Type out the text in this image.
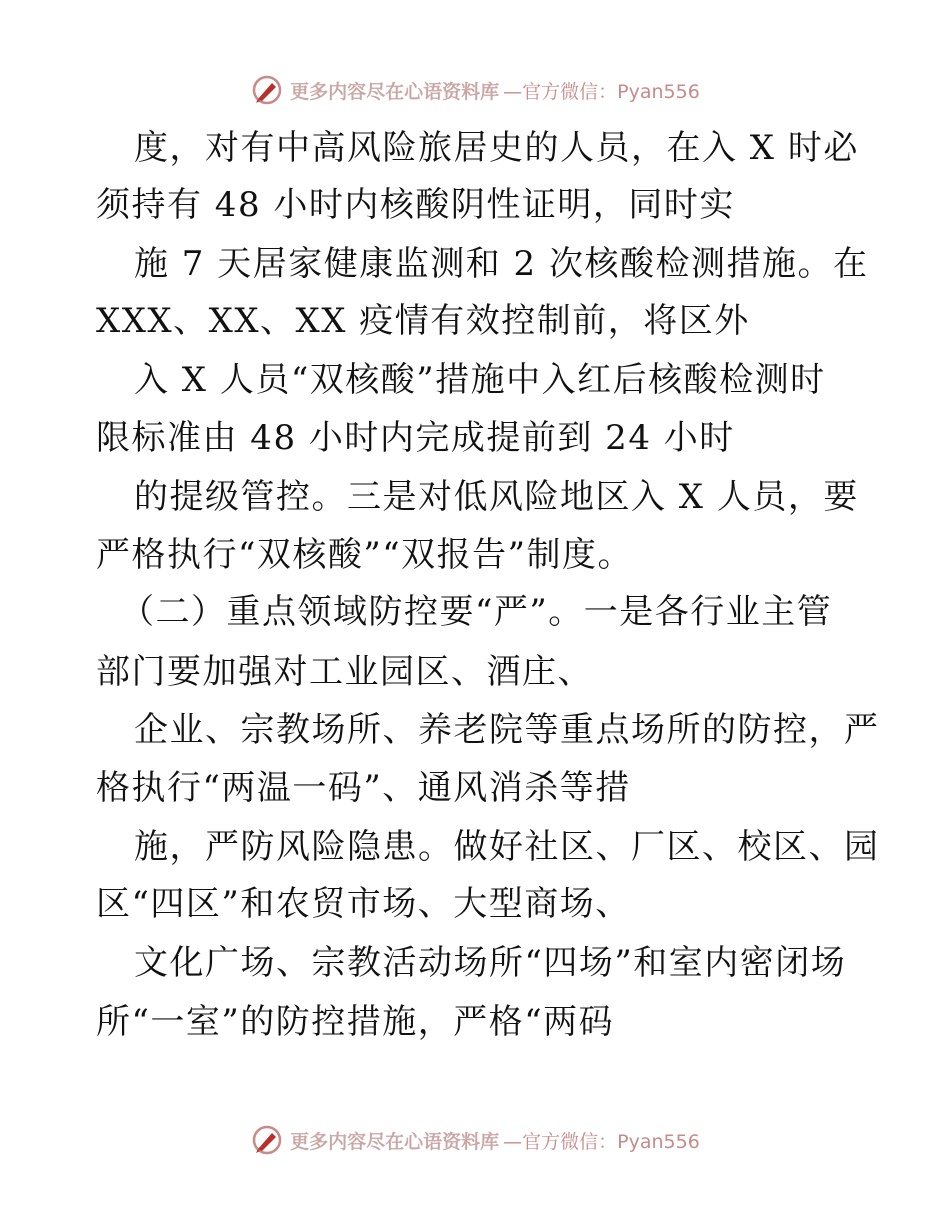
更多内容尽在心语资料库 —官方微信：Pyan556
度，对有中高风险旅居史的人员，在入 X 时必
须持有 48 小时内核酸阴性证明，同时实
施 7 天居家健康监测和 2 次核酸检测措施。在
XXX、XX、XX 疫情有效控制前，将区外
入 X 人员“双核酸”措施中入红后核酸检测时
限标准由 48 小时内完成提前到 24 小时
的提级管控。三是对低风险地区入 X 人员，要
严格执行“双核酸”“双报告”制度。
（二）重点领域防控要“严”。一是各行业主管
部门要加强对工业园区、酒庄、
企业、宗教场所、养老院等重点场所的防控，严
格执行“两温一码”、通风消杀等措
施，严防风险隐患。做好社区、厂区、校区、园
区“四区”和农贸市场、大型商场、
文化广场、宗教活动场所“四场”和室内密闭场
所“一室”的防控措施，严格“两码
更多内容尽在心语资料库 —官方微信：Pyan556
